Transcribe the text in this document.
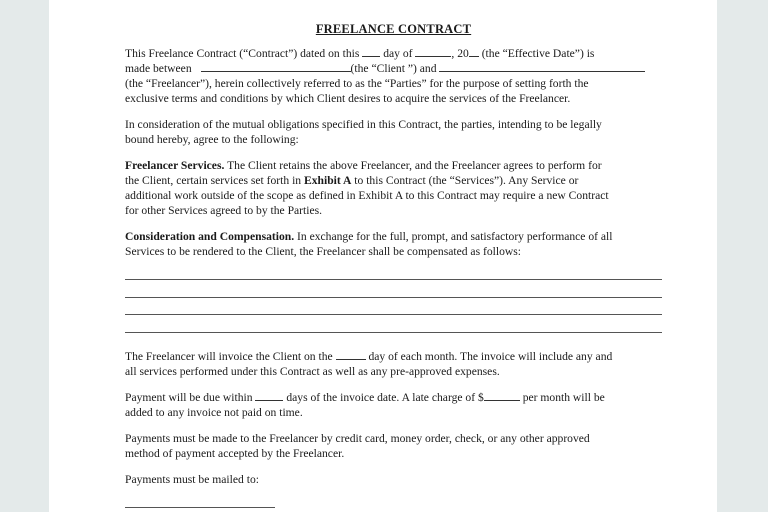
FREELANCE CONTRACT

This Freelance Contract (“Contract”) dated on this day of	, 20 (the “Effective Date”) is
made between	(the “Client ”) and
(the “Freelancer”), herein collectively referred to as the “Parties” for the purpose of setting forth the
exclusive terms and conditions by which Client desires to acquire the services of the Freelancer.

In consideration of the mutual obligations specified in this Contract, the parties, intending to be legally
bound hereby, agree to the following:

Freelancer Services. The Client retains the above Freelancer, and the Freelancer agrees to perform for
the Client, certain services set forth in Exhibit A to this Contract (the “Services”). Any Service or
additional work outside of the scope as defined in Exhibit A to this Contract may require a new Contract
for other Services agreed to by the Parties.

Consideration and Compensation. In exchange for the full, prompt, and satisfactory performance of all
Services to be rendered to the Client, the Freelancer shall be compensated as follows:

The Freelancer will invoice the Client on the	day of each month. The invoice will include any and
all services performed under this Contract as well as any pre-approved expenses.

Payment will be due within	days of the invoice date. A late charge of $	per month will be
added to any invoice not paid on time.

Payments must be made to the Freelancer by credit card, money order, check, or any other approved
method of payment accepted by the Freelancer.

Payments must be mailed to:
